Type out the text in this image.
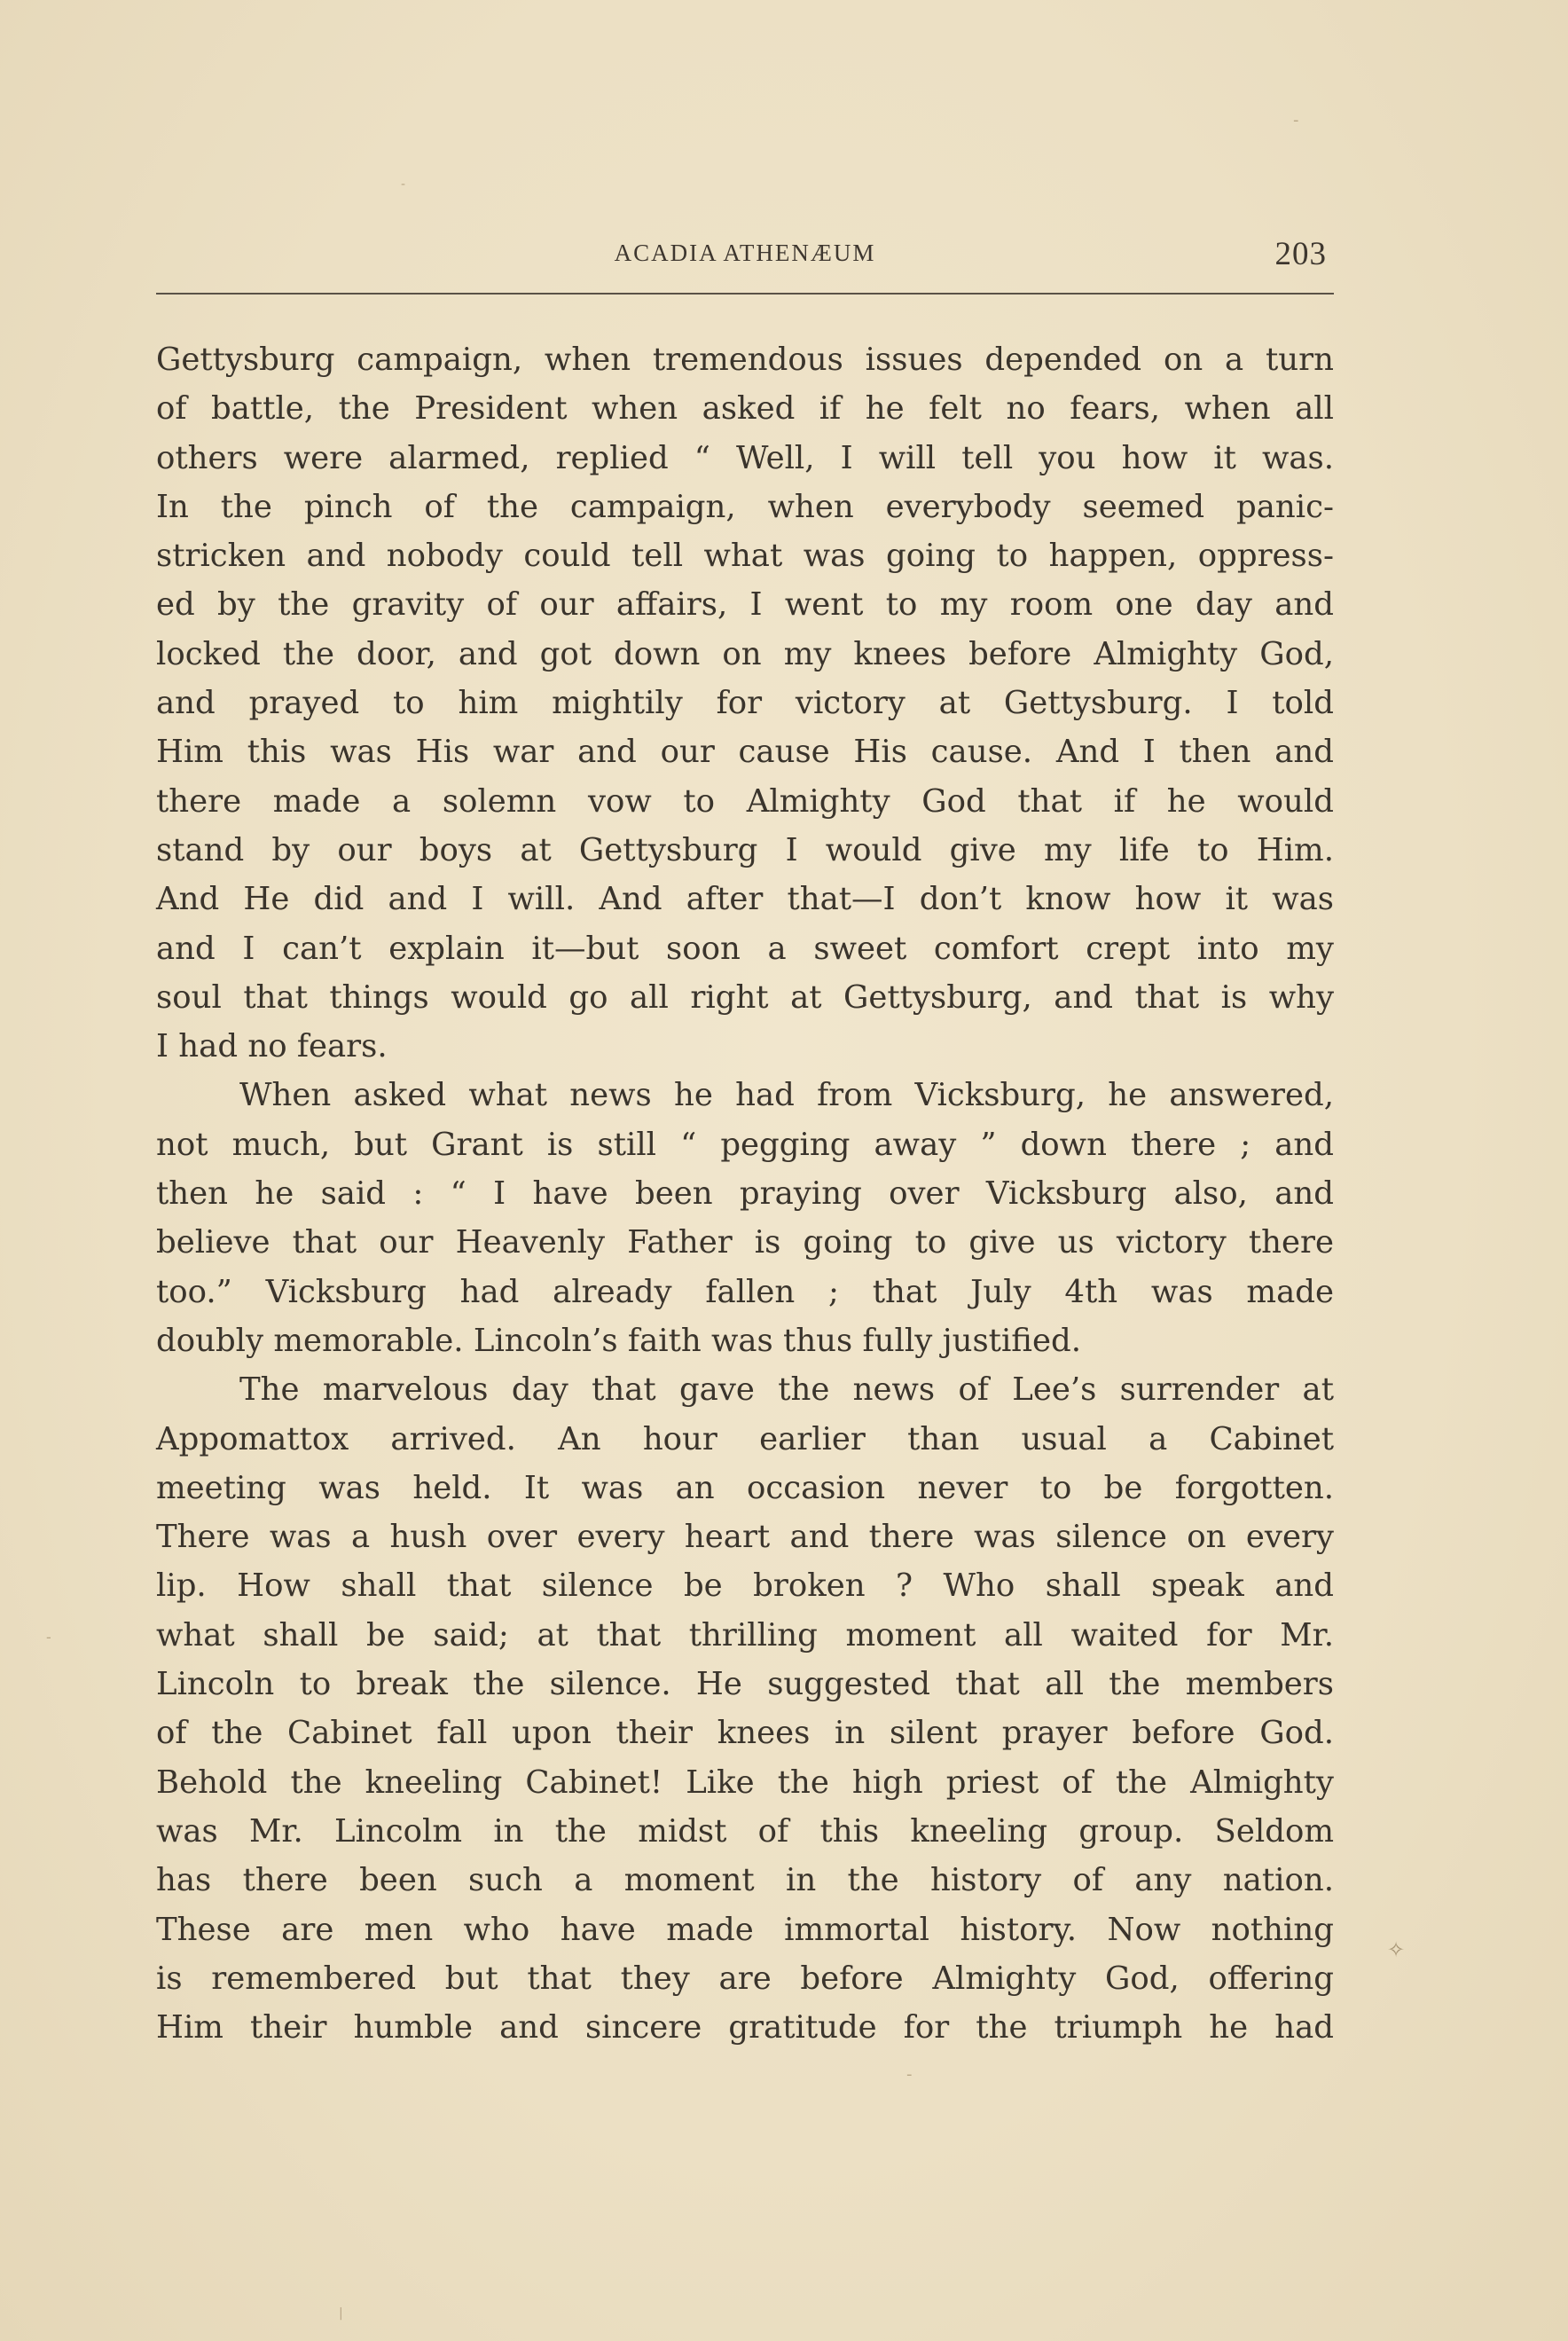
ACADIA ATHENÆUM	203
Gettysburg campaign, when tremendous issues depended on a turn
of battle, the President when asked if he felt no fears, when all
others were alarmed, replied “ Well, I will tell you how it was.
In the pinch of the campaign, when everybody seemed panic-
stricken and nobody could tell what was going to happen, oppress-
ed by the gravity of our affairs, I went to my room one day and
locked the door, and got down on my knees before Almighty God,
and prayed to him mightily for victory at Gettysburg. I told
Him this was His war and our cause His cause. And I then and
there made a solemn vow to Almighty God that if he would
stand by our boys at Gettysburg I would give my life to Him.
And He did and I will. And after that—I don’t know how it was
and I can’t explain it—but soon a sweet comfort crept into my
soul that things would go all right at Gettysburg, and that is why
I had no fears.
When asked what news he had from Vicksburg, he answered,
not much, but Grant is still “ pegging away ” down there ; and
then he said : “ I have been praying over Vicksburg also, and
believe that our Heavenly Father is going to give us victory there
too.” Vicksburg had already fallen ; that July 4th was made
doubly memorable. Lincoln’s faith was thus fully justified.
The marvelous day that gave the news of Lee’s surrender at
Appomattox arrived. An hour earlier than usual a Cabinet
meeting was held. It was an occasion never to be forgotten.
There was a hush over every heart and there was silence on every
lip. How shall that silence be broken ? Who shall speak and
what shall be said; at that thrilling moment all waited for Mr.
Lincoln to break the silence. He suggested that all the members
of the Cabinet fall upon their knees in silent prayer before God.
Behold the kneeling Cabinet! Like the high priest of the Almighty
was Mr. Lincolm in the midst of this kneeling group. Seldom
has there been such a moment in the history of any nation.
These are men who have made immortal history. Now nothing
is remembered but that they are before Almighty God, offering
Him their humble and sincere gratitude for the triumph he had
-
-
-
✧
-
|
